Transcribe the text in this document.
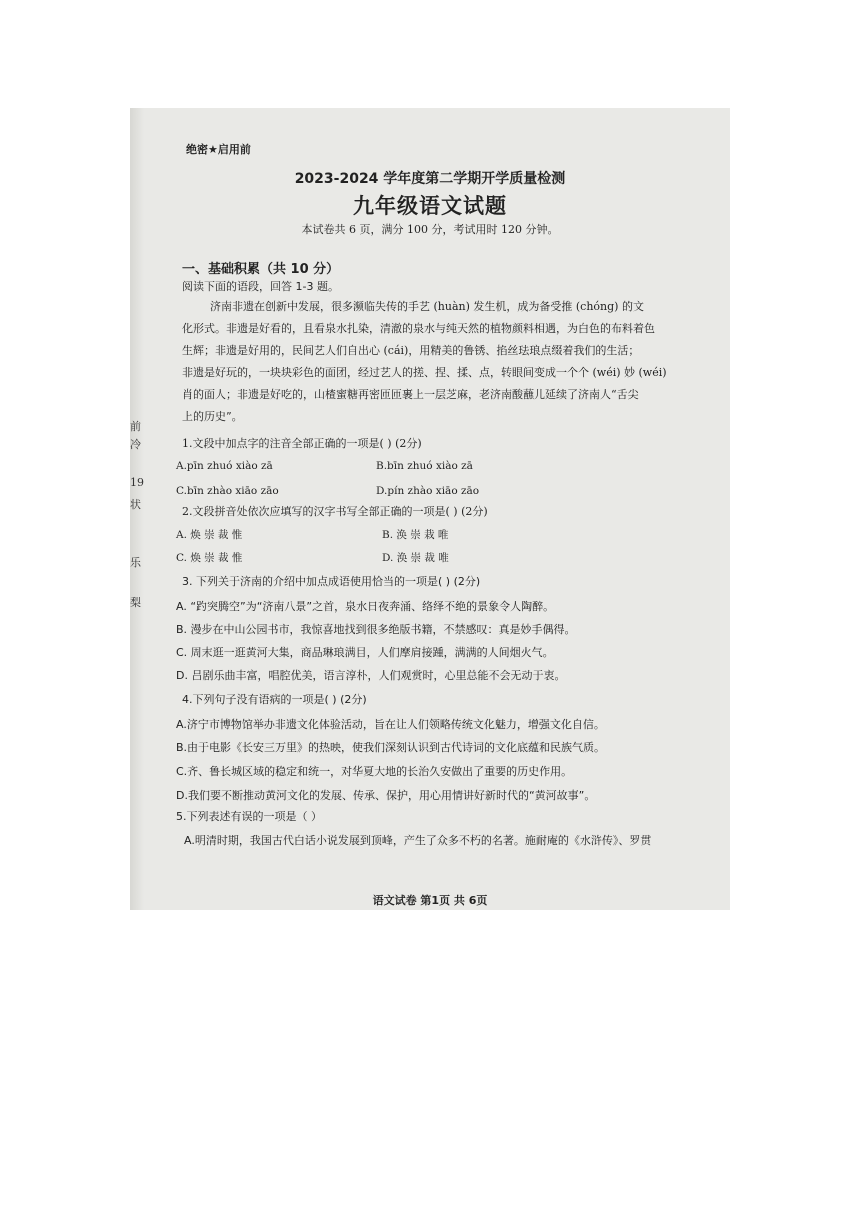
前
冷
19
状
乐
梨
绝密★启用前
2023-2024 学年度第二学期开学质量检测
九年级语文试题
本试卷共 6 页，满分 100 分，考试用时 120 分钟。
一、基础积累（共 10 分）
阅读下面的语段，回答 1-3 题。
济南非遗在创新中发展，很多濒临失传的手艺 (huàn) 发生机，成为备受推 (chóng) 的文
化形式。非遗是好看的，且看泉水扎染，清澈的泉水与纯天然的植物颜料相遇，为白色的布料着色
生辉；非遗是好用的，民间艺人们自出心 (cái)，用精美的鲁锈、掐丝珐琅点缀着我们的生活；
非遗是好玩的，一块块彩色的面团，经过艺人的搓、捏、揉、点，转眼间变成一个个 (wéi) 妙 (wéi)
肖的面人；非遗是好吃的，山楂蜜糖再密匝匝裹上一层芝麻，老济南酸蘸儿延续了济南人“舌尖
上的历史”。
1.文段中加点字的注音全部正确的一项是( ) (2分)
A.pīn zhuó xiào zā	B.bīn zhuó xiào zā
C.bīn zhào xiāo zāo	D.pín zhào xiāo zāo
2.文段拼音处依次应填写的汉字书写全部正确的一项是( ) (2分)
A. 焕 崇 裁 惟	B. 涣 崇 栽 唯
C. 焕 崇 裁 惟	D. 涣 崇 裁 唯
3. 下列关于济南的介绍中加点成语使用恰当的一项是( ) (2分)
A. “趵突腾空”为“济南八景”之首，泉水日夜奔涌、络绎不绝的景象令人陶醉。
B. 漫步在中山公园书市，我惊喜地找到很多绝版书籍，不禁感叹：真是妙手偶得。
C. 周末逛一逛黄河大集，商品琳琅满目，人们摩肩接踵，满满的人间烟火气。
D. 吕剧乐曲丰富，唱腔优美，语言淳朴，人们观赏时，心里总能不会无动于衷。
4.下列句子没有语病的一项是( ) (2分)
A.济宁市博物馆举办非遗文化体验活动，旨在让人们领略传统文化魅力，增强文化自信。
B.由于电影《长安三万里》的热映，使我们深刻认识到古代诗词的文化底蕴和民族气质。
C.齐、鲁长城区域的稳定和统一，对华夏大地的长治久安做出了重要的历史作用。
D.我们要不断推动黄河文化的发展、传承、保护，用心用情讲好新时代的“黄河故事”。
5.下列表述有误的一项是（ ）
A.明清时期，我国古代白话小说发展到顶峰，产生了众多不朽的名著。施耐庵的《水浒传》、罗贯
语文试卷 第1页 共 6页
